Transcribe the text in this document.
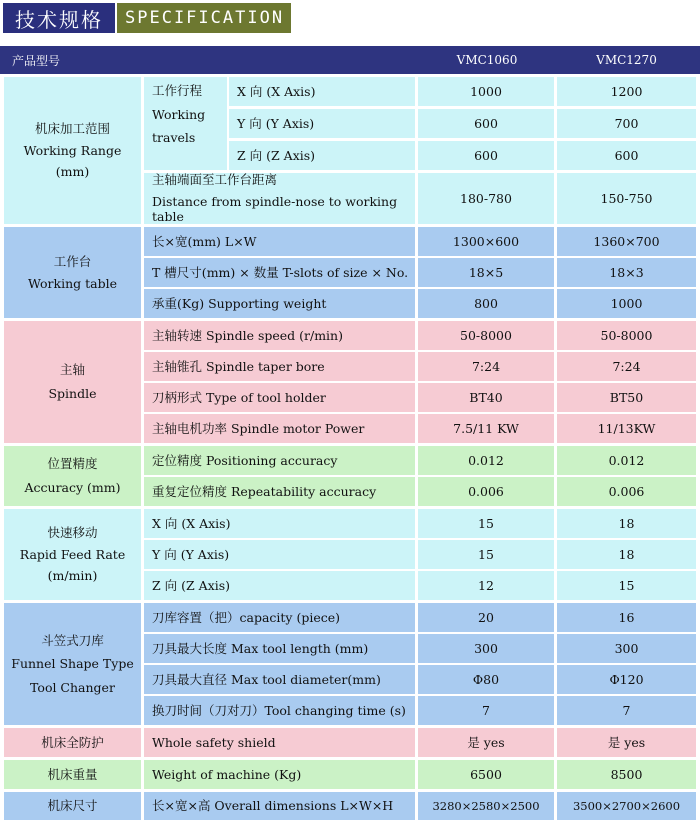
技术规格	SPECIFICATION
产品型号	VMC1060	VMC1270
机床加工范围
Working Range
(mm)
工作行程
Working
travels
X 向 (X Axis)	1000	1200
Y 向 (Y Axis)	600	700
Z 向 (Z Axis)	600	600
主轴端面至工作台距离
Distance from spindle-nose to working table
180-780	150-750
工作台
Working table
长×宽(mm) L×W	1300×600	1360×700
T 槽尺寸(mm) × 数量 T-slots of size × No.	18×5	18×3
承重(Kg) Supporting weight	800	1000
主轴
Spindle
主轴转速 Spindle speed (r/min)	50-8000	50-8000
主轴锥孔 Spindle taper bore	7:24	7:24
刀柄形式 Type of tool holder	BT40	BT50
主轴电机功率 Spindle motor Power	7.5/11 KW	11/13KW
位置精度
Accuracy (mm)
定位精度 Positioning accuracy	0.012	0.012
重复定位精度 Repeatability accuracy	0.006	0.006
快速移动
Rapid Feed Rate
(m/min)
X 向 (X Axis)	15	18
Y 向 (Y Axis)	15	18
Z 向 (Z Axis)	12	15
斗笠式刀库
Funnel Shape Type
Tool Changer
刀库容置（把）capacity (piece)	20	16
刀具最大长度 Max tool length (mm)	300	300
刀具最大直径 Max tool diameter(mm)	Φ80	Φ120
换刀时间（刀对刀）Tool changing time (s)	7	7
机床全防护	Whole safety shield	是 yes	是 yes
机床重量	Weight of machine (Kg)	6500	8500
机床尺寸	长×宽×高 Overall dimensions L×W×H	3280×2580×2500	3500×2700×2600
